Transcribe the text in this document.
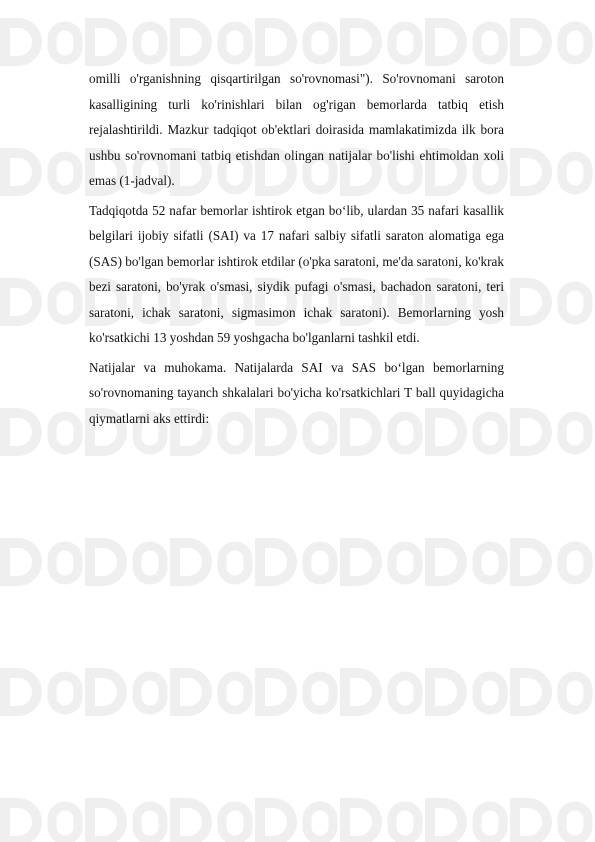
omilli o'rganishning qisqartirilgan so'rovnomasi"). So'rovnomani saroton kasalligining turli ko'rinishlari bilan og'rigan bemorlarda tatbiq etish rejalashtirildi. Mazkur tadqiqot ob'ektlari doirasida mamlakatimizda ilk bora ushbu so'rovnomani tatbiq etishdan olingan natijalar bo'lishi ehtimoldan xoli emas (1-jadval).

Tadqiqotda 52 nafar bemorlar ishtirok etgan bo‘lib, ulardan 35 nafari kasallik belgilari ijobiy sifatli (SAI) va 17 nafari salbiy sifatli saraton alomatiga ega (SAS) bo'lgan bemorlar ishtirok etdilar (o'pka saratoni, me'da saratoni, ko'krak bezi saratoni, bo'yrak o'smasi, siydik pufagi o'smasi, bachadon saratoni, teri saratoni, ichak saratoni, sigmasimon ichak saratoni). Bemorlarning yosh ko'rsatkichi 13 yoshdan 59 yoshgacha bo'lganlarni tashkil etdi.

Natijalar va muhokama. Natijalarda SAI va SAS bo‘lgan bemorlarning so'rovnomaning tayanch shkalalari bo'yicha ko'rsatkichlari T ball quyidagicha qiymatlarni aks ettirdi:
